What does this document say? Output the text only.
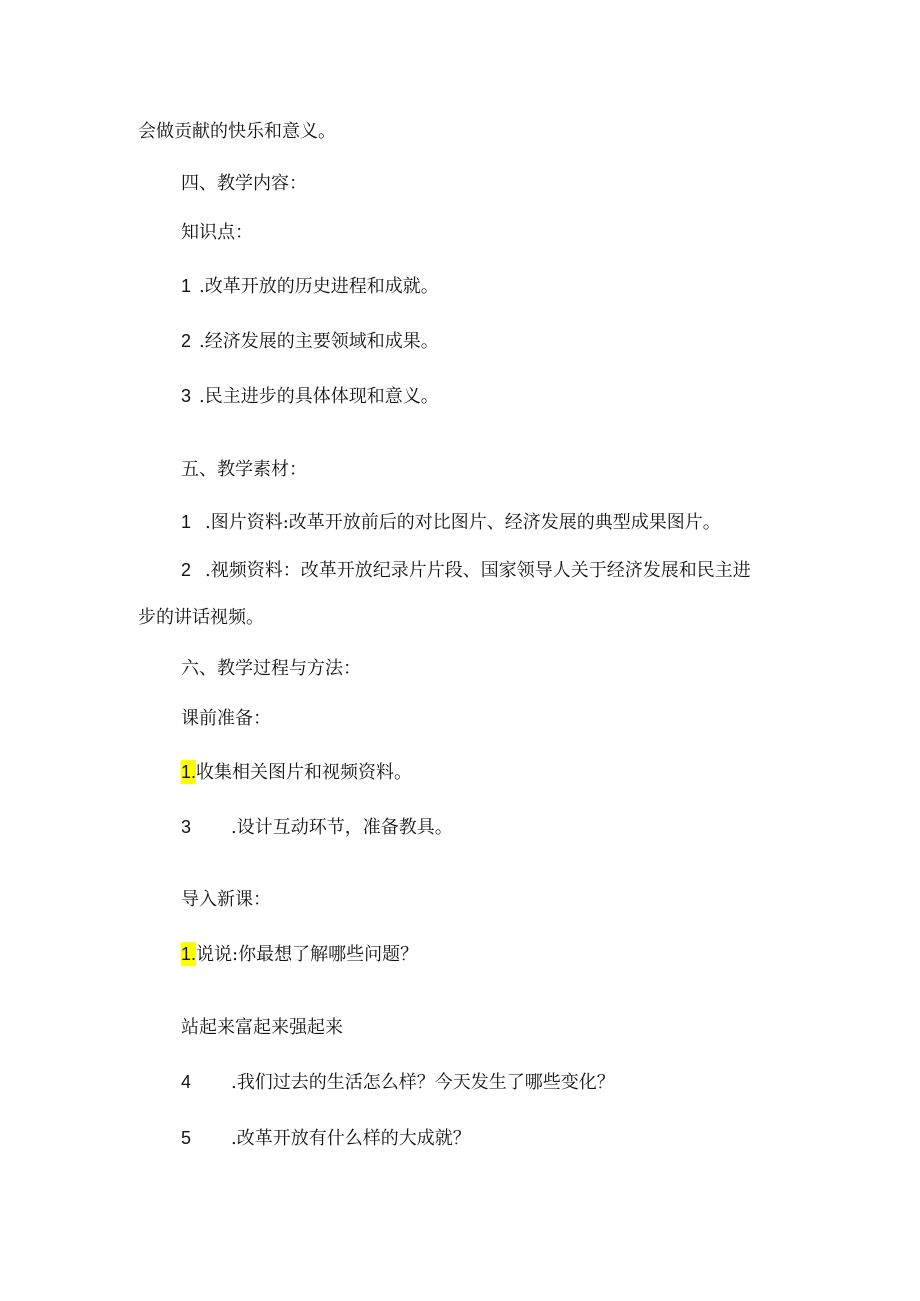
会做贡献的快乐和意义。
四、教学内容：
知识点：
1 .改革开放的历史进程和成就。
2 .经济发展的主要领域和成果。
3 .民主进步的具体体现和意义。
五、教学素材：
1 .图片资料:改革开放前后的对比图片、经济发展的典型成果图片。
2 .视频资料：改革开放纪录片片段、国家领导人关于经济发展和民主进
步的讲话视频。
六、教学过程与方法：
课前准备：
1.收集相关图片和视频资料。
3 .设计互动环节，准备教具。
导入新课：
1.说说:你最想了解哪些问题？
站起来富起来强起来
4 .我们过去的生活怎么样？今天发生了哪些变化？
5 .改革开放有什么样的大成就？
